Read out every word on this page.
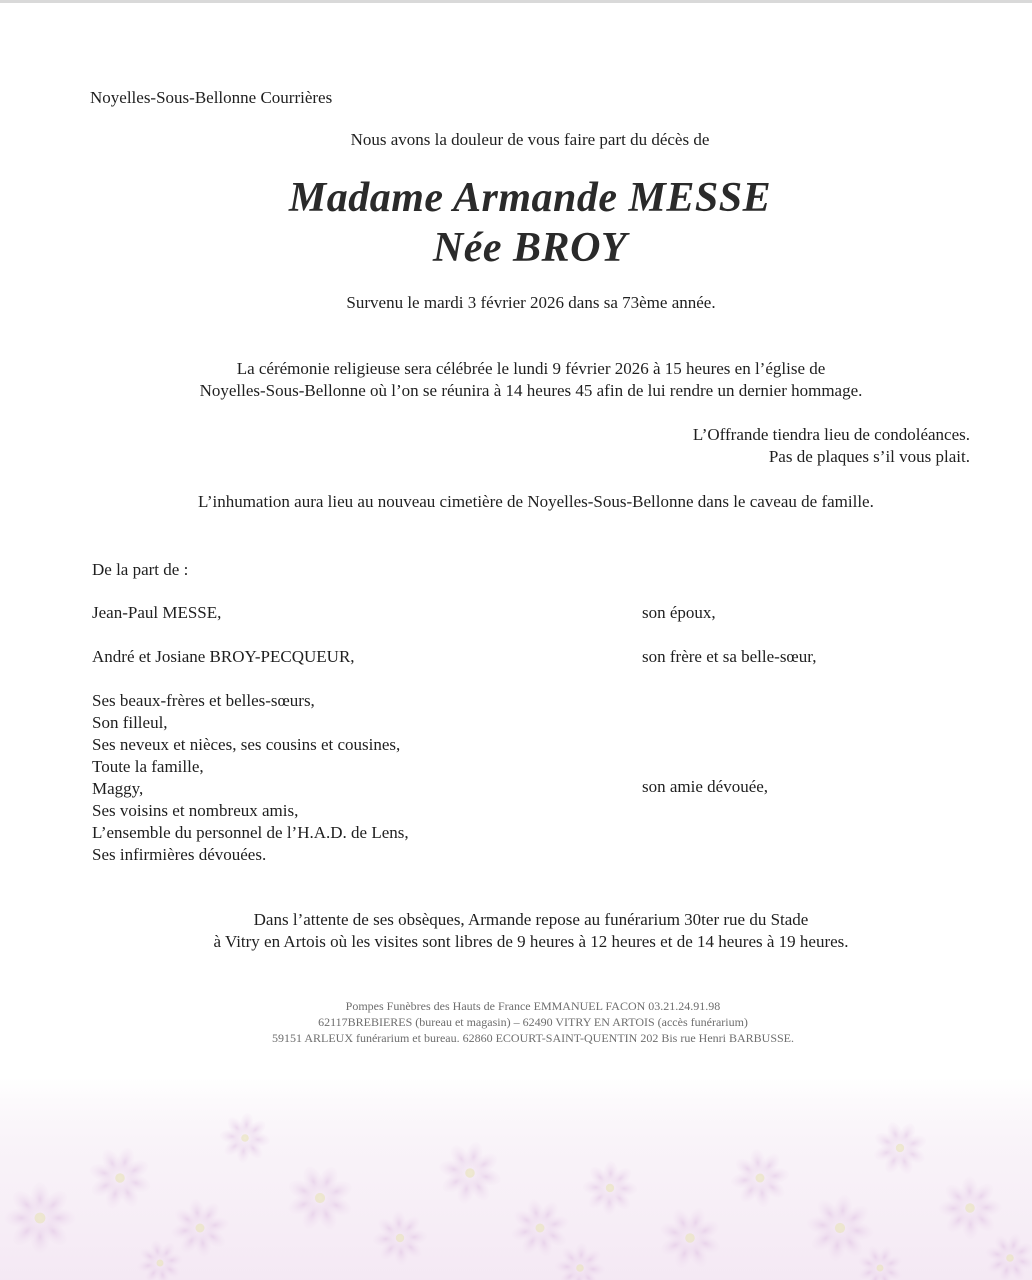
Noyelles-Sous-Bellonne Courrières
Nous avons la douleur de vous faire part du décès de
Madame Armande MESSE
Née BROY
Survenu le mardi 3 février 2026 dans sa 73ème année.
La cérémonie religieuse sera célébrée le lundi 9 février 2026 à 15 heures en l’église de
Noyelles-Sous-Bellonne où l’on se réunira à 14 heures 45 afin de lui rendre un dernier hommage.
L’Offrande tiendra lieu de condoléances.
Pas de plaques s’il vous plait.
L’inhumation aura lieu au nouveau cimetière de Noyelles-Sous-Bellonne dans le caveau de famille.
De la part de :
Jean-Paul MESSE,	son époux,
André et Josiane BROY-PECQUEUR,	son frère et sa belle-sœur,
Ses beaux-frères et belles-sœurs,
Son filleul,
Ses neveux et nièces, ses cousins et cousines,
Toute la famille,
Maggy,	son amie dévouée,
Ses voisins et nombreux amis,
L’ensemble du personnel de l’H.A.D. de Lens,
Ses infirmières dévouées.
Dans l’attente de ses obsèques, Armande repose au funérarium 30ter rue du Stade
à Vitry en Artois où les visites sont libres de 9 heures à 12 heures et de 14 heures à 19 heures.
Pompes Funèbres des Hauts de France EMMANUEL FACON 03.21.24.91.98
62117BREBIERES (bureau et magasin) – 62490 VITRY EN ARTOIS (accès funérarium)
59151 ARLEUX funérarium et bureau. 62860 ECOURT-SAINT-QUENTIN 202 Bis rue Henri BARBUSSE.
